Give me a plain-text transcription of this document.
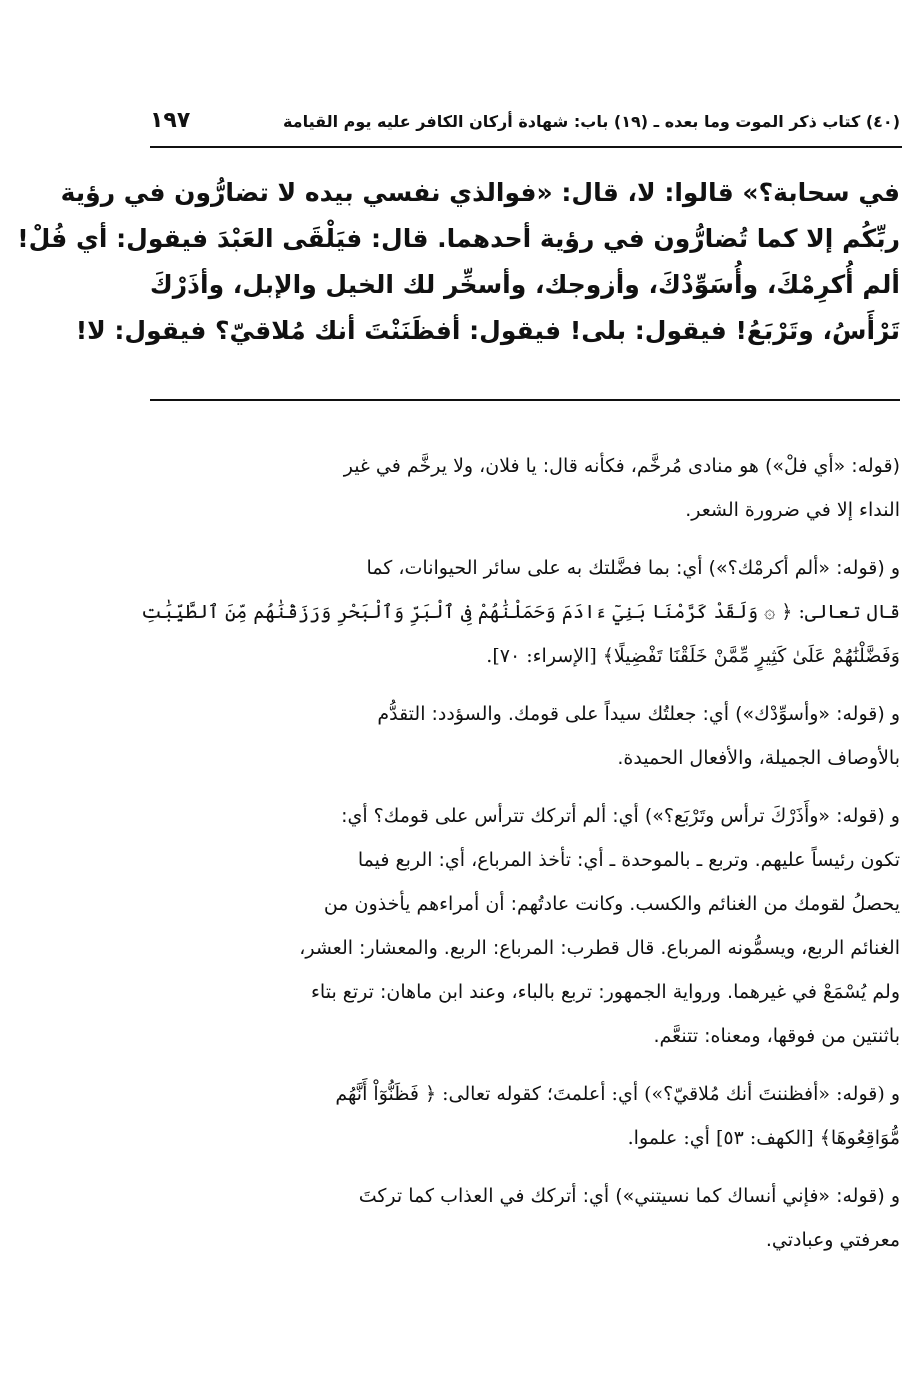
(٤٠) كتاب ذكر الموت وما بعده ـ (١٩) باب: شهادة أركان الكافر عليه يوم القيامة
١٩٧
في سحابة؟» قالوا: لا، قال: «فوالذي نفسي بيده لا تضارُّون في رؤية
ربِّكُم إلا كما تُضارُّون في رؤية أحدهما. قال: فيَلْقَى العَبْدَ فيقول: أي فُلْ!
ألم أُكرِمْكَ، وأُسَوِّدْكَ، وأزوجك، وأسخِّر لك الخيل والإبل، وأذَرْكَ
تَرْأَسُ، وتَرْبَعُ! فيقول: بلى! فيقول: أفظَنَنْتَ أنك مُلاقيّ؟ فيقول: لا!
(قوله: «أي فلْ») هو منادى مُرخَّم، فكأنه قال: يا فلان، ولا يرخَّم في غير
النداء إلا في ضرورة الشعر.
و (قوله: «ألم أكرمْك؟») أي: بما فضَّلتك به على سائر الحيوانات، كما
قال تعالى: ﴿ ۞ وَلَقَدْ كَرَّمْنَا بَنِيٓ ءَادَمَ وَحَمَلْنَٰهُمْ فِى ٱلْبَرِّ وَٱلْبَحْرِ وَرَزَقْنَٰهُم مِّنَ ٱلطَّيِّبَٰتِ
وَفَضَّلْنَٰهُمْ عَلَىٰ كَثِيرٍ مِّمَّنْ خَلَقْنَا تَفْضِيلًا﴾ [الإسراء: ٧٠].
و (قوله: «وأسوِّدْك») أي: جعلتُك سيداً على قومك. والسؤدد: التقدُّم
بالأوصاف الجميلة، والأفعال الحميدة.
و (قوله: «وأَذَرْكَ ترأس وتَرْبَع؟») أي: ألم أتركك تترأس على قومك؟ أي:
تكون رئيساً عليهم. وتربع ـ بالموحدة ـ أي: تأخذ المرباع، أي: الربع فيما
يحصلُ لقومك من الغنائم والكسب. وكانت عادتُهم: أن أمراءهم يأخذون من
الغنائم الربع، ويسمُّونه المرباع. قال قطرب: المرباع: الربع. والمعشار: العشر،
ولم يُسْمَعْ في غيرهما. ورواية الجمهور: تربع بالباء، وعند ابن ماهان: ترتع بتاء
باثنتين من فوقها، ومعناه: تتنعَّم.
و (قوله: «أفظننتَ أنك مُلاقيّ؟») أي: أعلمتَ؛ كقوله تعالى: ﴿ فَظَنُّوٓاْ أَنَّهُم
مُّوَاقِعُوهَا﴾ [الكهف: ٥٣] أي: علموا.
و (قوله: «فإني أنساك كما نسيتني») أي: أتركك في العذاب كما تركتَ
معرفتي وعبادتي.
